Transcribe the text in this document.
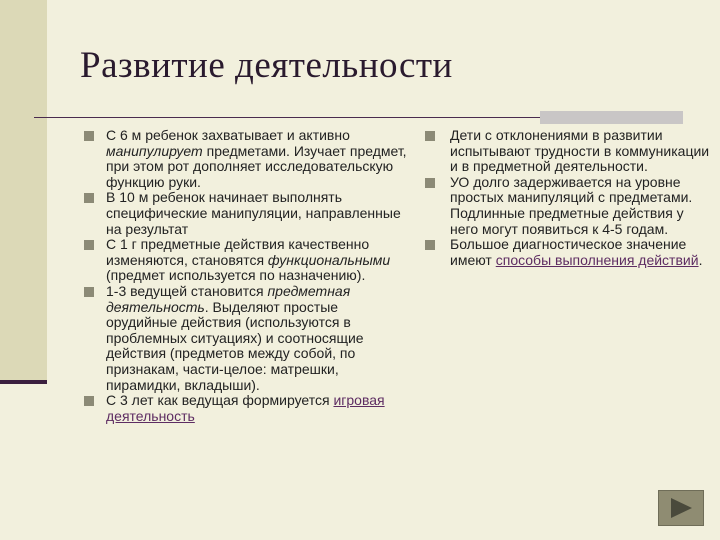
Развитие деятельности
С 6 м ребенок захватывает и активно манипулирует предметами. Изучает предмет, при этом рот дополняет исследовательскую функцию руки.
В 10 м ребенок начинает выполнять специфические манипуляции, направленные на результат
С 1 г предметные действия качественно изменяются, становятся функциональными (предмет используется по назначению).
1-3 ведущей становится предметная деятельность. Выделяют простые орудийные действия (используются в проблемных ситуациях) и соотносящие действия (предметов между собой, по признакам, части-целое: матрешки, пирамидки, вкладыши).
С 3 лет как ведущая формируется игровая деятельность
Дети с отклонениями в развитии испытывают трудности в коммуникации и в предметной деятельности.
УО долго задерживается на уровне простых манипуляций с предметами. Подлинные предметные действия у него могут появиться к 4-5 годам.
Большое диагностическое значение имеют способы выполнения действий.
